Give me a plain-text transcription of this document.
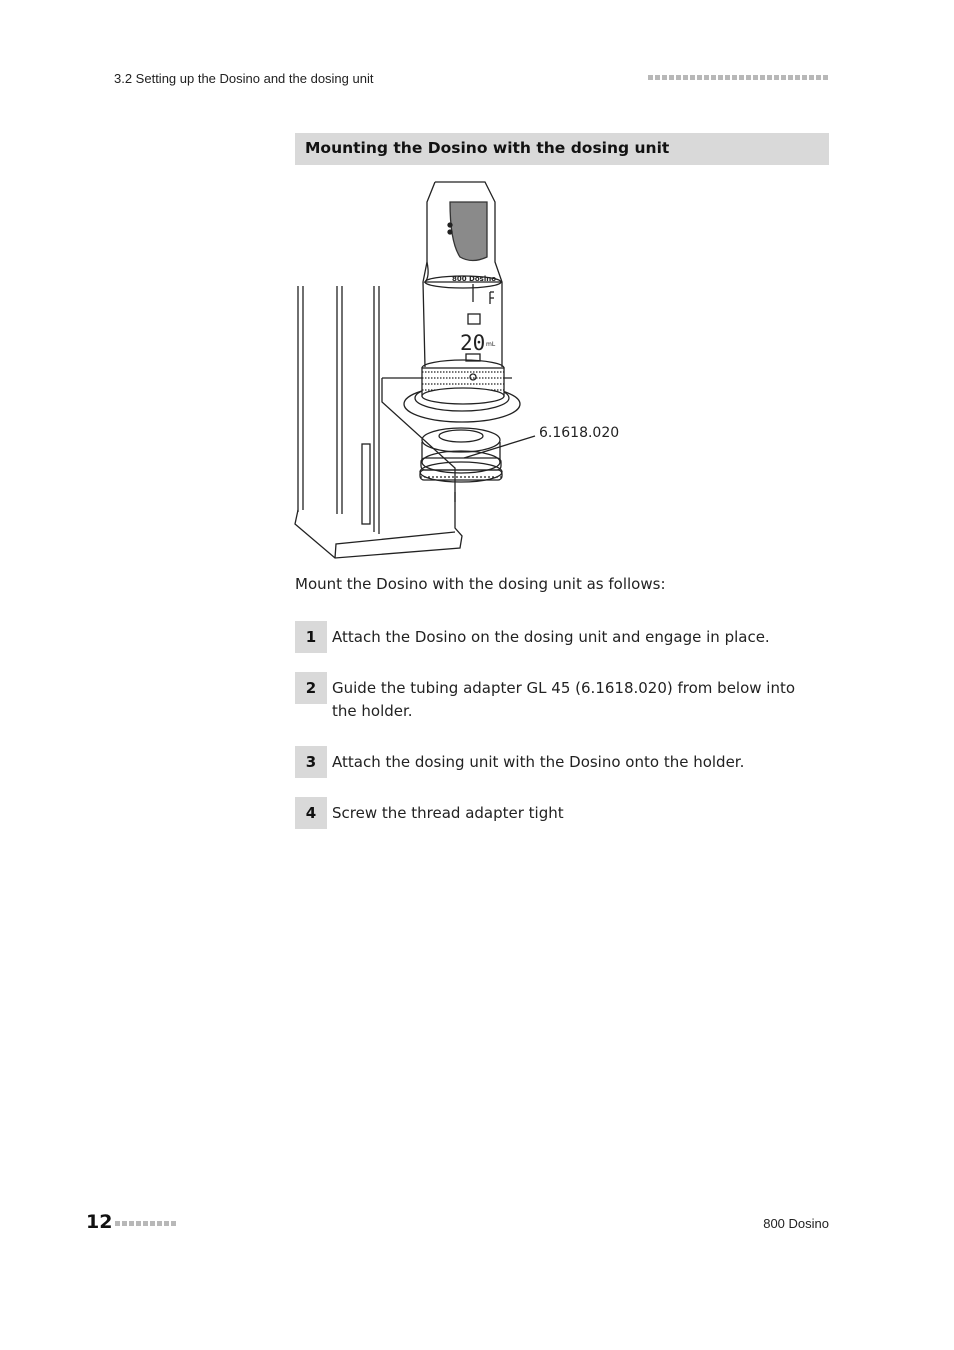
3.2 Setting up the Dosino and the dosing unit
Mounting the Dosino with the dosing unit
800 Dosino
20 mL
6.1618.020
Mount the Dosino with the dosing unit as follows:
1	Attach the Dosino on the dosing unit and engage in place.
2	Guide the tubing adapter GL 45 (6.1618.020) from below into the holder.
3	Attach the dosing unit with the Dosino onto the holder.
4	Screw the thread adapter tight
12	800 Dosino
